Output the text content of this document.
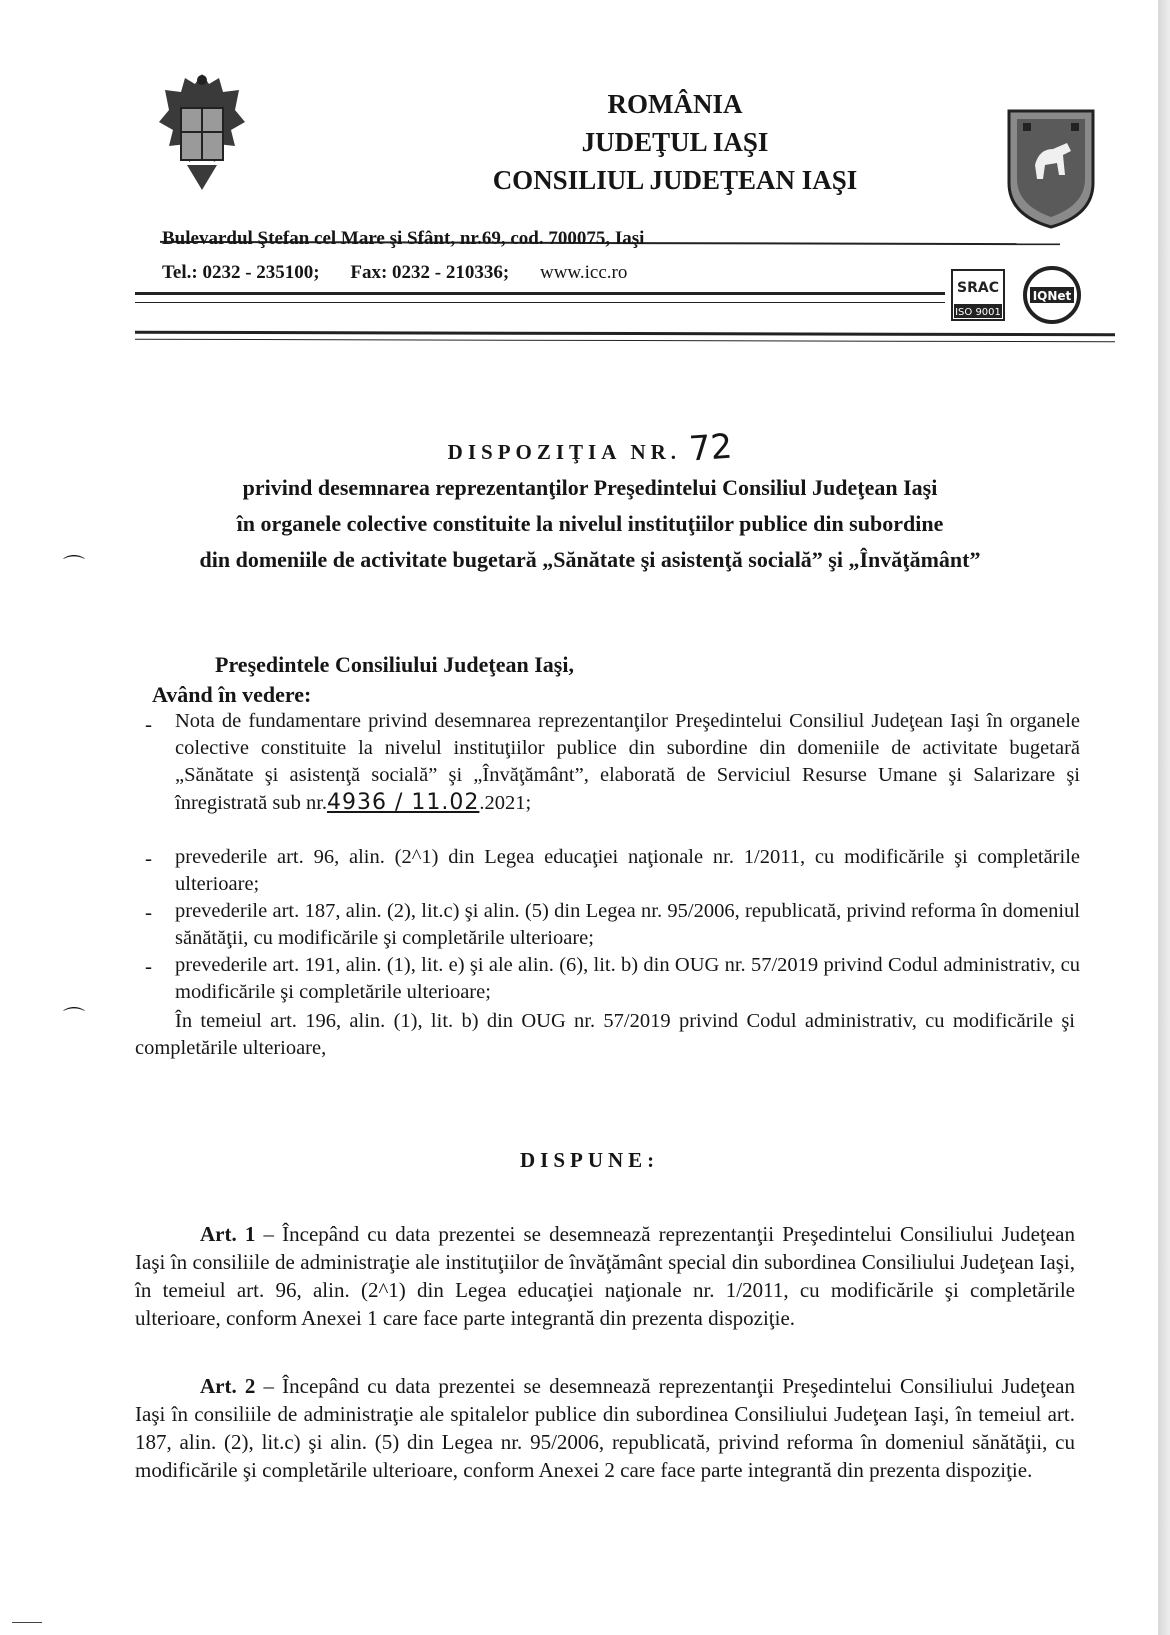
ROMÂNIA
JUDEŢUL IAŞI
CONSILIUL JUDEŢEAN IAŞI
Bulevardul Ştefan cel Mare şi Sfânt, nr.69, cod. 700075, Iaşi
Tel.: 0232 - 235100; Fax: 0232 - 210336; www.icc.ro
SRAC
ISO 9001
IQNet
DISPOZIŢIA NR. 72
privind desemnarea reprezentanţilor Preşedintelui Consiliul Judeţean Iaşi
în organele colective constituite la nivelul instituţiilor publice din subordine
din domeniile de activitate bugetară „Sănătate şi asistenţă socială” şi „Învăţământ”
⌒
⌒
Preşedintele Consiliului Judeţean Iaşi,
Având în vedere:
- Nota de fundamentare privind desemnarea reprezentanţilor Preşedintelui Consiliul Judeţean Iaşi în organele colective constituite la nivelul instituţiilor publice din subordine din domeniile de activitate bugetară „Sănătate şi asistenţă socială” şi „Învăţământ”, elaborată de Serviciul Resurse Umane şi Salarizare şi înregistrată sub nr.4936 / 11.02.2021;
- prevederile art. 96, alin. (2^1) din Legea educaţiei naţionale nr. 1/2011, cu modificările şi completările ulterioare;
- prevederile art. 187, alin. (2), lit.c) şi alin. (5) din Legea nr. 95/2006, republicată, privind reforma în domeniul sănătăţii, cu modificările şi completările ulterioare;
- prevederile art. 191, alin. (1), lit. e) şi ale alin. (6), lit. b) din OUG nr. 57/2019 privind Codul administrativ, cu modificările şi completările ulterioare;
În temeiul art. 196, alin. (1), lit. b) din OUG nr. 57/2019 privind Codul administrativ, cu modificările şi completările ulterioare,
DISPUNE:
Art. 1 – Începând cu data prezentei se desemnează reprezentanţii Preşedintelui Consiliului Judeţean Iaşi în consiliile de administraţie ale instituţiilor de învăţământ special din subordinea Consiliului Judeţean Iaşi, în temeiul art. 96, alin. (2^1) din Legea educaţiei naţionale nr. 1/2011, cu modificările şi completările ulterioare, conform Anexei 1 care face parte integrantă din prezenta dispoziţie.
Art. 2 – Începând cu data prezentei se desemnează reprezentanţii Preşedintelui Consiliului Judeţean Iaşi în consiliile de administraţie ale spitalelor publice din subordinea Consiliului Judeţean Iaşi, în temeiul art. 187, alin. (2), lit.c) şi alin. (5) din Legea nr. 95/2006, republicată, privind reforma în domeniul sănătăţii, cu modificările şi completările ulterioare, conform Anexei 2 care face parte integrantă din prezenta dispoziţie.
